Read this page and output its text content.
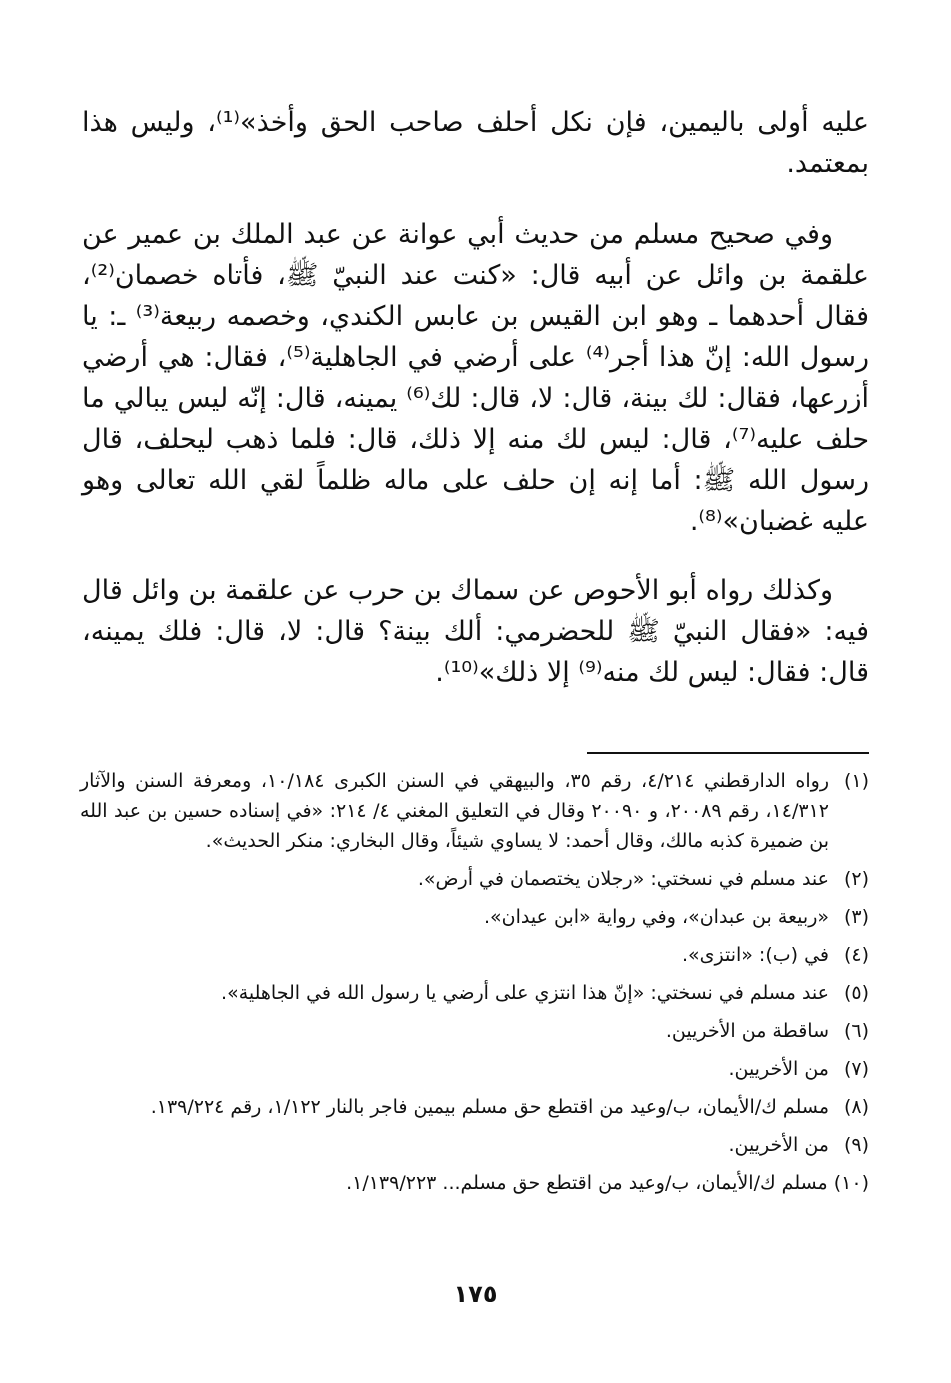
عليه أولى باليمين، فإن نكل أحلف صاحب الحق وأخذ»⁽¹⁾، وليس هذا بمعتمد.

وفي صحيح مسلم من حديث أبي عوانة عن عبد الملك بن عمير عن علقمة بن وائل عن أبيه قال: «كنت عند النبيّ ﷺ، فأتاه خصمان⁽²⁾، فقال أحدهما ـ وهو ابن القيس بن عابس الكندي، وخصمه ربيعة⁽³⁾ ـ: يا رسول الله: إنّ هذا أجر⁽⁴⁾ على أرضي في الجاهلية⁽⁵⁾، فقال: هي أرضي أزرعها، فقال: لك بينة، قال: لا، قال: لك⁽⁶⁾ يمينه، قال: إنّه ليس يبالي ما حلف عليه⁽⁷⁾، قال: ليس لك منه إلا ذلك، قال: فلما ذهب ليحلف، قال رسول الله ﷺ: أما إنه إن حلف على ماله ظلماً لقي الله تعالى وهو عليه غضبان»⁽⁸⁾.

وكذلك رواه أبو الأحوص عن سماك بن حرب عن علقمة بن وائل قال فيه: «فقال النبيّ ﷺ للحضرمي: ألك بينة؟ قال: لا، قال: فلك يمينه، قال: فقال: ليس لك منه⁽⁹⁾ إلا ذلك»⁽¹⁰⁾.

(١)
رواه الدارقطني ٤/٢١٤، رقم ٣٥، والبيهقي في السنن الكبرى ١٠/١٨٤، ومعرفة السنن والآثار ١٤/٣١٢، رقم ٢٠٠٨٩، و ٢٠٠٩٠ وقال في التعليق المغني ٤/ ٢١٤: «في إسناده حسين بن عبد الله بن ضميرة كذبه مالك، وقال أحمد: لا يساوي شيئاً، وقال البخاري: منكر الحديث».
(٢)
عند مسلم في نسختي: «رجلان يختصمان في أرض».
(٣)
«ربيعة بن عبدان»، وفي رواية «ابن عيدان».
(٤)
في (ب): «انتزى».
(٥)
عند مسلم في نسختي: «إنّ هذا انتزي على أرضي يا رسول الله في الجاهلية».
(٦)
ساقطة من الأخريين.
(٧)
من الأخريين.
(٨)
مسلم ك/الأيمان، ب/وعيد من اقتطع حق مسلم بيمين فاجر بالنار ١/١٢٢، رقم ١٣٩/٢٢٤.
(٩)
من الأخريين.
(١٠)
مسلم ك/الأيمان، ب/وعيد من اقتطع حق مسلم... ١/١٣٩/٢٢٣.
١٧٥
